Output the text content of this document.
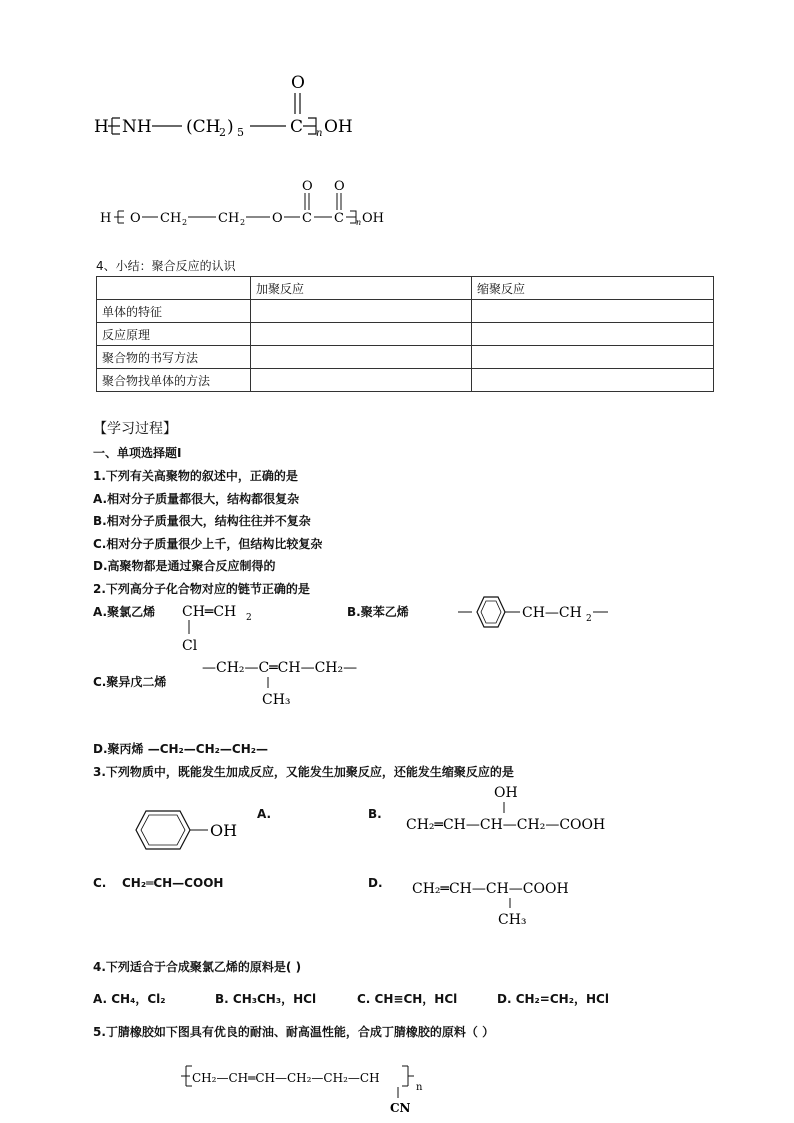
H NH (CH
2 ) 5	C
O
n OH
H O CH 2 CH 2 O C
O
C
O
n OH
4、小结：聚合反应的认识
	加聚反应	缩聚反应
单体的特征		
反应原理		
聚合物的书写方法		
聚合物找单体的方法		
【学习过程】
一、单项选择题Ⅰ
1.下列有关高聚物的叙述中，正确的是
A.相对分子质量都很大，结构都很复杂
B.相对分子质量很大，结构往往并不复杂
C.相对分子质量很少上千，但结构比较复杂
D.高聚物都是通过聚合反应制得的
2.下列高分子化合物对应的链节正确的是
A.聚氯乙烯 CH═CH 2
Cl
B.聚苯乙烯	CH—CH 2
C.聚异戊二烯
—CH₂—C═CH—CH₂—
CH₃
D.聚丙烯 —CH₂—CH₂—CH₂—
3.下列物质中，既能发生加成反应，又能发生加聚反应，还能发生缩聚反应的是
OH
A.	B.
OH
CH₂═CH—CH—CH₂—COOH
C. CH₂═CH—COOH	D. CH₂═CH—CH—COOH
CH₃
4.下列适合于合成聚氯乙烯的原料是( )
A. CH₄，Cl₂	B. CH₃CH₃，HCl	C. CH≡CH，HCl	D. CH₂=CH₂，HCl
5.丁腈橡胶如下图具有优良的耐油、耐高温性能，合成丁腈橡胶的原料（ ）
CH₂—CH═CH—CH₂—CH₂—CH
n
CN
